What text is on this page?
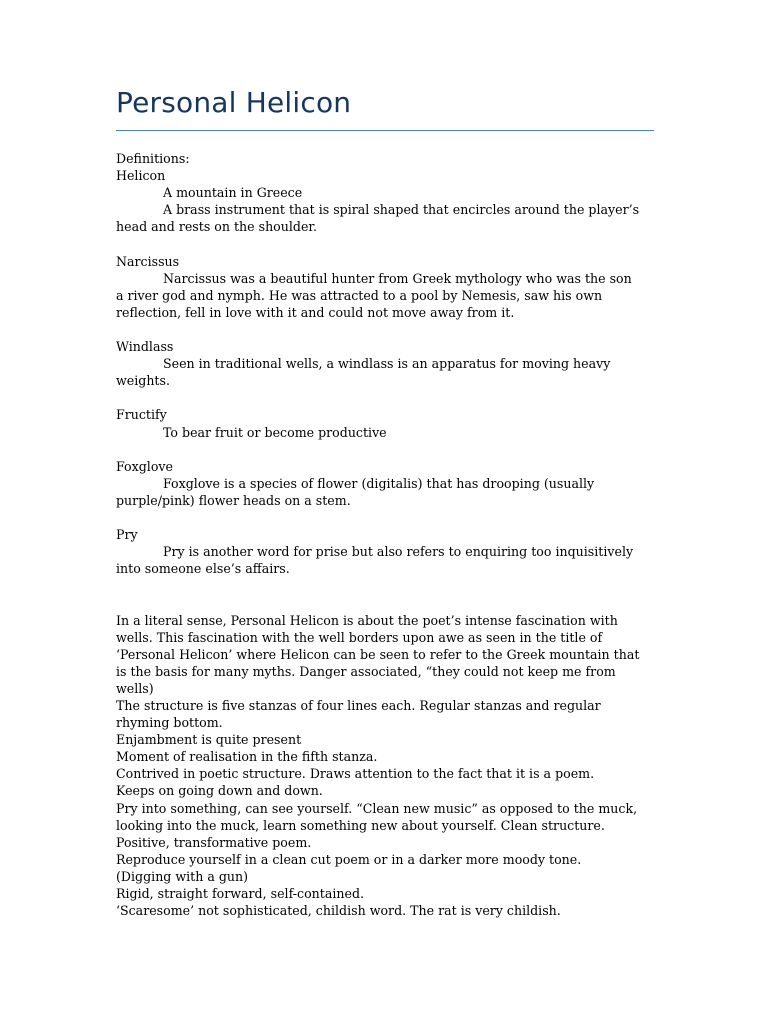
Personal Helicon
Definitions:
Helicon
A mountain in Greece
A brass instrument that is spiral shaped that encircles around the player’s
head and rests on the shoulder.
Narcissus
Narcissus was a beautiful hunter from Greek mythology who was the son
a river god and nymph. He was attracted to a pool by Nemesis, saw his own
reflection, fell in love with it and could not move away from it.
Windlass
Seen in traditional wells, a windlass is an apparatus for moving heavy
weights.
Fructify
To bear fruit or become productive
Foxglove
Foxglove is a species of flower (digitalis) that has drooping (usually
purple/pink) flower heads on a stem.
Pry
Pry is another word for prise but also refers to enquiring too inquisitively
into someone else’s affairs.
In a literal sense, Personal Helicon is about the poet’s intense fascination with
wells. This fascination with the well borders upon awe as seen in the title of
‘Personal Helicon’ where Helicon can be seen to refer to the Greek mountain that
is the basis for many myths. Danger associated, “they could not keep me from
wells)
The structure is five stanzas of four lines each. Regular stanzas and regular
rhyming bottom.
Enjambment is quite present
Moment of realisation in the fifth stanza.
Contrived in poetic structure. Draws attention to the fact that it is a poem.
Keeps on going down and down.
Pry into something, can see yourself. “Clean new music” as opposed to the muck,
looking into the muck, learn something new about yourself. Clean structure.
Positive, transformative poem.
Reproduce yourself in a clean cut poem or in a darker more moody tone.
(Digging with a gun)
Rigid, straight forward, self-contained.
‘Scaresome’ not sophisticated, childish word. The rat is very childish.
